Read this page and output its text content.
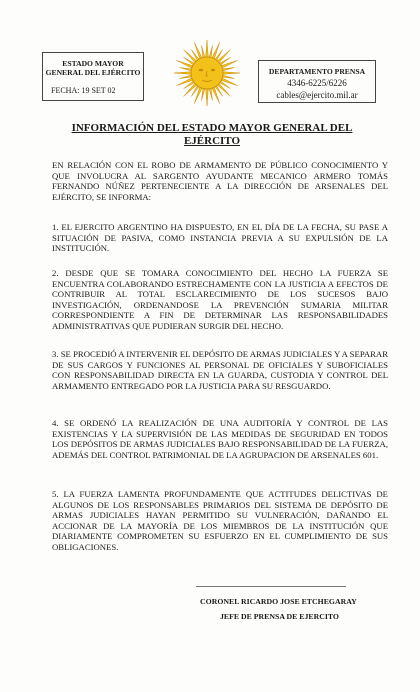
ESTADO MAYOR
GENERAL DEL EJÉRCITO
FECHA: 19 SET 02
DEPARTAMENTO PRENSA
4346-6225/6226
cables@ejercito.mil.ar
INFORMACIÓN DEL ESTADO MAYOR GENERAL DEL EJÉRCITO
EN RELACIÓN CON EL ROBO DE ARMAMENTO DE PÚBLICO CONOCIMIENTO Y QUE INVOLUCRA AL SARGENTO AYUDANTE MECANICO ARMERO TOMÁS FERNANDO NÚÑEZ PERTENECIENTE A LA DIRECCIÓN DE ARSENALES DEL EJÉRCITO, SE INFORMA:
1. EL EJERCITO ARGENTINO HA DISPUESTO, EN EL DÍA DE LA FECHA, SU PASE A SITUACIÓN DE PASIVA, COMO INSTANCIA PREVIA A SU EXPULSIÓN DE LA INSTITUCIÓN.
2. DESDE QUE SE TOMARA CONOCIMIENTO DEL HECHO LA FUERZA SE ENCUENTRA COLABORANDO ESTRECHAMENTE CON LA JUSTICIA A EFECTOS DE CONTRIBUIR AL TOTAL ESCLARECIMIENTO DE LOS SUCESOS BAJO INVESTIGACIÓN, ORDENANDOSE LA PREVENCIÓN SUMARIA MILITAR CORRESPONDIENTE A FIN DE DETERMINAR LAS RESPONSABILIDADES ADMINISTRATIVAS QUE PUDIERAN SURGIR DEL HECHO.
3. SE PROCEDIÓ A INTERVENIR EL DEPÓSITO DE ARMAS JUDICIALES Y A SEPARAR DE SUS CARGOS Y FUNCIONES AL PERSONAL DE OFICIALES Y SUBOFICIALES CON RESPONSABILIDAD DIRECTA EN LA GUARDA, CUSTODIA Y CONTROL DEL ARMAMENTO ENTREGADO POR LA JUSTICIA PARA SU RESGUARDO.
4. SE ORDENÓ LA REALIZACIÓN DE UNA AUDITORÍA Y CONTROL DE LAS EXISTENCIAS Y LA SUPERVISIÓN DE LAS MEDIDAS DE SEGURIDAD EN TODOS LOS DEPÓSITOS DE ARMAS JUDICIALES BAJO RESPONSABILIDAD DE LA FUERZA, ADEMÁS DEL CONTROL PATRIMONIAL DE LA AGRUPACION DE ARSENALES 601.
5. LA FUERZA LAMENTA PROFUNDAMENTE QUE ACTITUDES DELICTIVAS DE ALGUNOS DE LOS RESPONSABLES PRIMARIOS DEL SISTEMA DE DEPÓSITO DE ARMAS JUDICIALES HAYAN PERMITIDO SU VULNERACIÓN, DAÑANDO EL ACCIONAR DE LA MAYORÍA DE LOS MIEMBROS DE LA INSTITUCIÓN QUE DIARIAMENTE COMPROMETEN SU ESFUERZO EN EL CUMPLIMIENTO DE SUS OBLIGACIONES.
CORONEL RICARDO JOSE ETCHEGARAY
JEFE DE PRENSA DE EJERCITO
